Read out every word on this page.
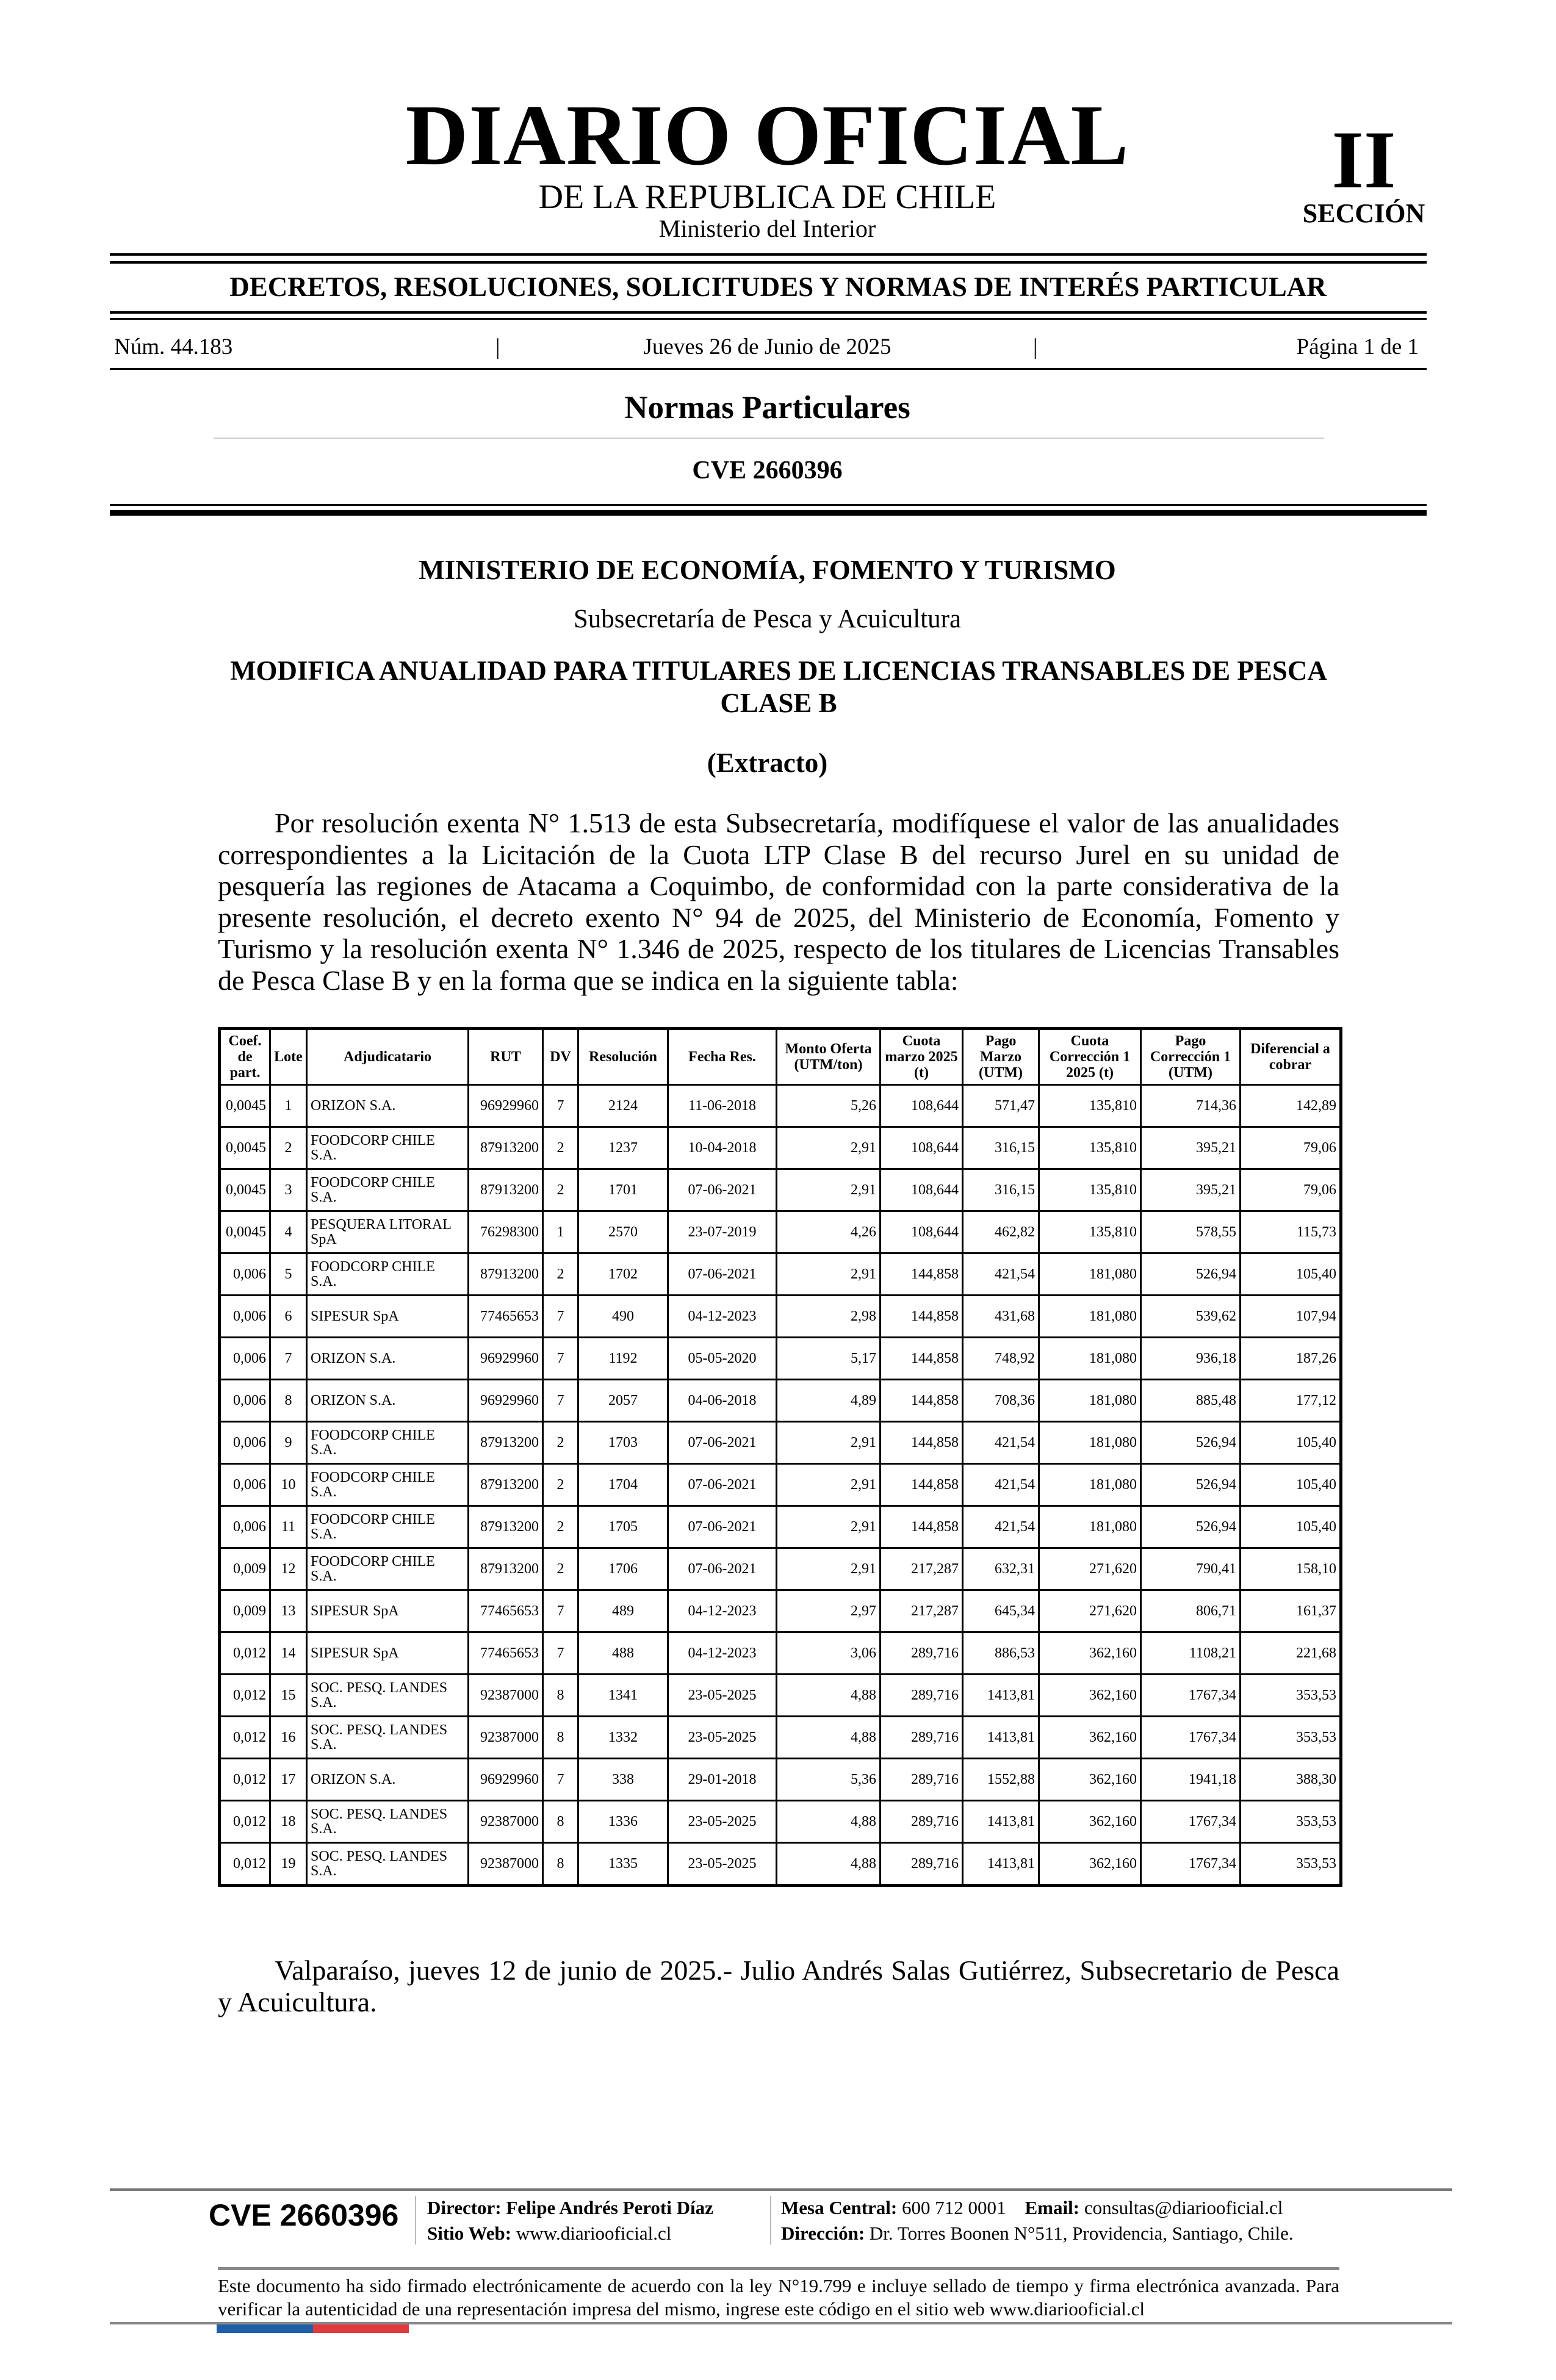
DIARIO OFICIAL
DE LA REPUBLICA DE CHILE
Ministerio del Interior
II
SECCIÓN
DECRETOS, RESOLUCIONES, SOLICITUDES Y NORMAS DE INTERÉS PARTICULAR
Núm. 44.183	|	Jueves 26 de Junio de 2025	|	Página 1 de 1
Normas Particulares
CVE 2660396
MINISTERIO DE ECONOMÍA, FOMENTO Y TURISMO
Subsecretaría de Pesca y Acuicultura
MODIFICA ANUALIDAD PARA TITULARES DE LICENCIAS TRANSABLES DE PESCA CLASE B
(Extracto)

Por resolución exenta N° 1.513 de esta Subsecretaría, modifíquese el valor de las anualidades correspondientes a la Licitación de la Cuota LTP Clase B del recurso Jurel en su unidad de pesquería las regiones de Atacama a Coquimbo, de conformidad con la parte considerativa de la presente resolución, el decreto exento N° 94 de 2025, del Ministerio de Economía, Fomento y Turismo y la resolución exenta N° 1.346 de 2025, respecto de los titulares de Licencias Transables de Pesca Clase B y en la forma que se indica en la siguiente tabla:

Coef. de part.	Lote	Adjudicatario	RUT	DV	Resolución	Fecha Res.	Monto Oferta (UTM/ton)	Cuota marzo 2025 (t)	Pago Marzo (UTM)	Cuota Corrección 1 2025 (t)	Pago Corrección 1 (UTM)	Diferencial a cobrar
0,0045	1	ORIZON S.A.	96929960	7	2124	11-06-2018	5,26	108,644	571,47	135,810	714,36	142,89
0,0045	2	FOODCORP CHILE S.A.	87913200	2	1237	10-04-2018	2,91	108,644	316,15	135,810	395,21	79,06
0,0045	3	FOODCORP CHILE S.A.	87913200	2	1701	07-06-2021	2,91	108,644	316,15	135,810	395,21	79,06
0,0045	4	PESQUERA LITORAL SpA	76298300	1	2570	23-07-2019	4,26	108,644	462,82	135,810	578,55	115,73
0,006	5	FOODCORP CHILE S.A.	87913200	2	1702	07-06-2021	2,91	144,858	421,54	181,080	526,94	105,40
0,006	6	SIPESUR SpA	77465653	7	490	04-12-2023	2,98	144,858	431,68	181,080	539,62	107,94
0,006	7	ORIZON S.A.	96929960	7	1192	05-05-2020	5,17	144,858	748,92	181,080	936,18	187,26
0,006	8	ORIZON S.A.	96929960	7	2057	04-06-2018	4,89	144,858	708,36	181,080	885,48	177,12
0,006	9	FOODCORP CHILE S.A.	87913200	2	1703	07-06-2021	2,91	144,858	421,54	181,080	526,94	105,40
0,006	10	FOODCORP CHILE S.A.	87913200	2	1704	07-06-2021	2,91	144,858	421,54	181,080	526,94	105,40
0,006	11	FOODCORP CHILE S.A.	87913200	2	1705	07-06-2021	2,91	144,858	421,54	181,080	526,94	105,40
0,009	12	FOODCORP CHILE S.A.	87913200	2	1706	07-06-2021	2,91	217,287	632,31	271,620	790,41	158,10
0,009	13	SIPESUR SpA	77465653	7	489	04-12-2023	2,97	217,287	645,34	271,620	806,71	161,37
0,012	14	SIPESUR SpA	77465653	7	488	04-12-2023	3,06	289,716	886,53	362,160	1108,21	221,68
0,012	15	SOC. PESQ. LANDES S.A.	92387000	8	1341	23-05-2025	4,88	289,716	1413,81	362,160	1767,34	353,53
0,012	16	SOC. PESQ. LANDES S.A.	92387000	8	1332	23-05-2025	4,88	289,716	1413,81	362,160	1767,34	353,53
0,012	17	ORIZON S.A.	96929960	7	338	29-01-2018	5,36	289,716	1552,88	362,160	1941,18	388,30
0,012	18	SOC. PESQ. LANDES S.A.	92387000	8	1336	23-05-2025	4,88	289,716	1413,81	362,160	1767,34	353,53
0,012	19	SOC. PESQ. LANDES S.A.	92387000	8	1335	23-05-2025	4,88	289,716	1413,81	362,160	1767,34	353,53

Valparaíso, jueves 12 de junio de 2025.- Julio Andrés Salas Gutiérrez, Subsecretario de Pesca y Acuicultura.

CVE 2660396 Director: Felipe Andrés Peroti Díaz
Sitio Web: www.diariooficial.cl
Mesa Central: 600 712 0001 Email: consultas@diariooficial.cl
Dirección: Dr. Torres Boonen N°511, Providencia, Santiago, Chile.
Este documento ha sido firmado electrónicamente de acuerdo con la ley N°19.799 e incluye sellado de tiempo y firma electrónica avanzada. Para verificar la autenticidad de una representación impresa del mismo, ingrese este código en el sitio web www.diariooficial.cl
